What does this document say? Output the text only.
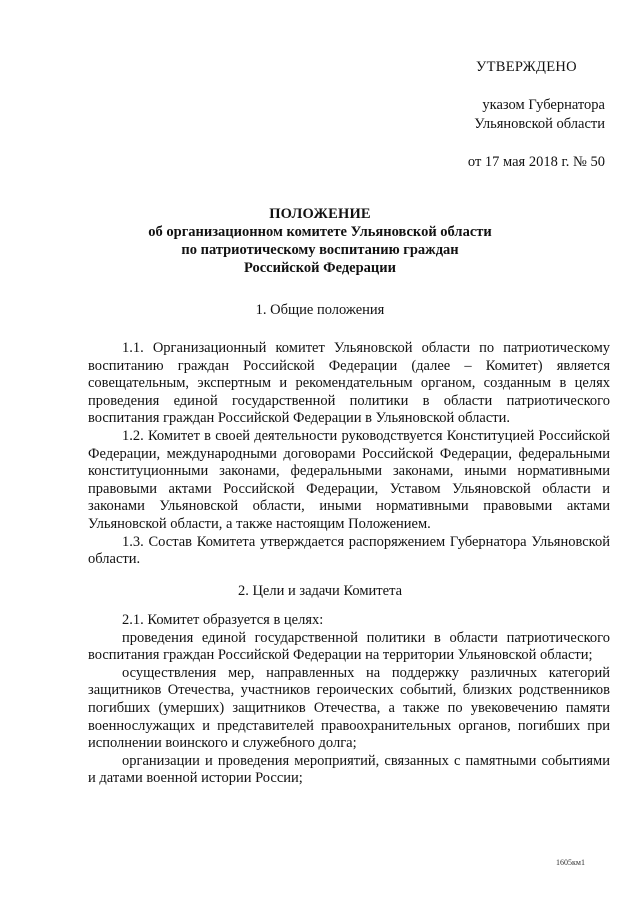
УТВЕРЖДЕНО
указом Губернатора
Ульяновской области
от 17 мая 2018 г. № 50
ПОЛОЖЕНИЕ
об организационном комитете Ульяновской области
по патриотическому воспитанию граждан
Российской Федерации
1. Общие положения

1.1. Организационный комитет Ульяновской области по патриотическому воспитанию граждан Российской Федерации (далее – Комитет) является совещательным, экспертным и рекомендательным органом, созданным в целях проведения единой государственной политики в области патриотического воспитания граждан Российской Федерации в Ульяновской области.

1.2. Комитет в своей деятельности руководствуется Конституцией Российской Федерации, международными договорами Российской Федерации, федеральными конституционными законами, федеральными законами, иными нормативными правовыми актами Российской Федерации, Уставом Ульяновской области и законами Ульяновской области, иными нормативными правовыми актами Ульяновской области, а также настоящим Положением.

1.3. Состав Комитета утверждается распоряжением Губернатора Ульяновской области.

2. Цели и задачи Комитета

2.1. Комитет образуется в целях:

проведения единой государственной политики в области патриотического воспитания граждан Российской Федерации на территории Ульяновской области;

осуществления мер, направленных на поддержку различных категорий защитников Отечества, участников героических событий, близких родственников погибших (умерших) защитников Отечества, а также по увековечению памяти военнослужащих и представителей правоохранительных органов, погибших при исполнении воинского и служебного долга;

организации и проведения мероприятий, связанных с памятными событиями и датами военной истории России;

1605км1
